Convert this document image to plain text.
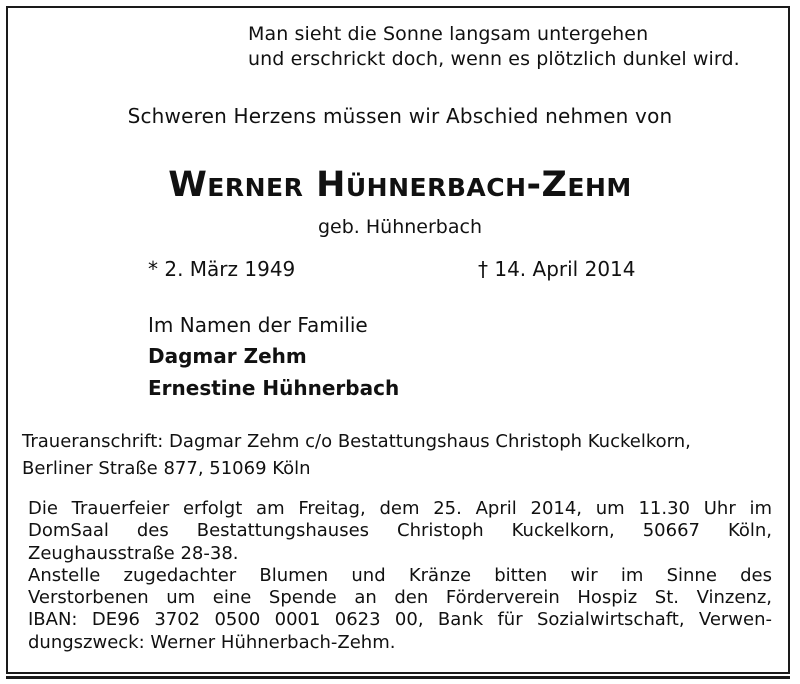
Man sieht die Sonne langsam untergehen
und erschrickt doch, wenn es plötzlich dunkel wird.
Schweren Herzens müssen wir Abschied nehmen von
Werner Hühnerbach-Zehm
geb. Hühnerbach
* 2. März 1949	† 14. April 2014
Im Namen der Familie
Dagmar Zehm
Ernestine Hühnerbach
Traueranschrift: Dagmar Zehm c/o Bestattungshaus Christoph Kuckelkorn,
Berliner Straße 877, 51069 Köln
Die Trauerfeier erfolgt am Freitag, dem 25. April 2014, um 11.30 Uhr im
DomSaal des Bestattungshauses Christoph Kuckelkorn, 50667 Köln,
Zeughausstraße 28-38.
Anstelle zugedachter Blumen und Kränze bitten wir im Sinne des
Verstorbenen um eine Spende an den Förderverein Hospiz St. Vinzenz,
IBAN: DE96 3702 0500 0001 0623 00, Bank für Sozialwirtschaft, Verwen-
dungszweck: Werner Hühnerbach-Zehm.
